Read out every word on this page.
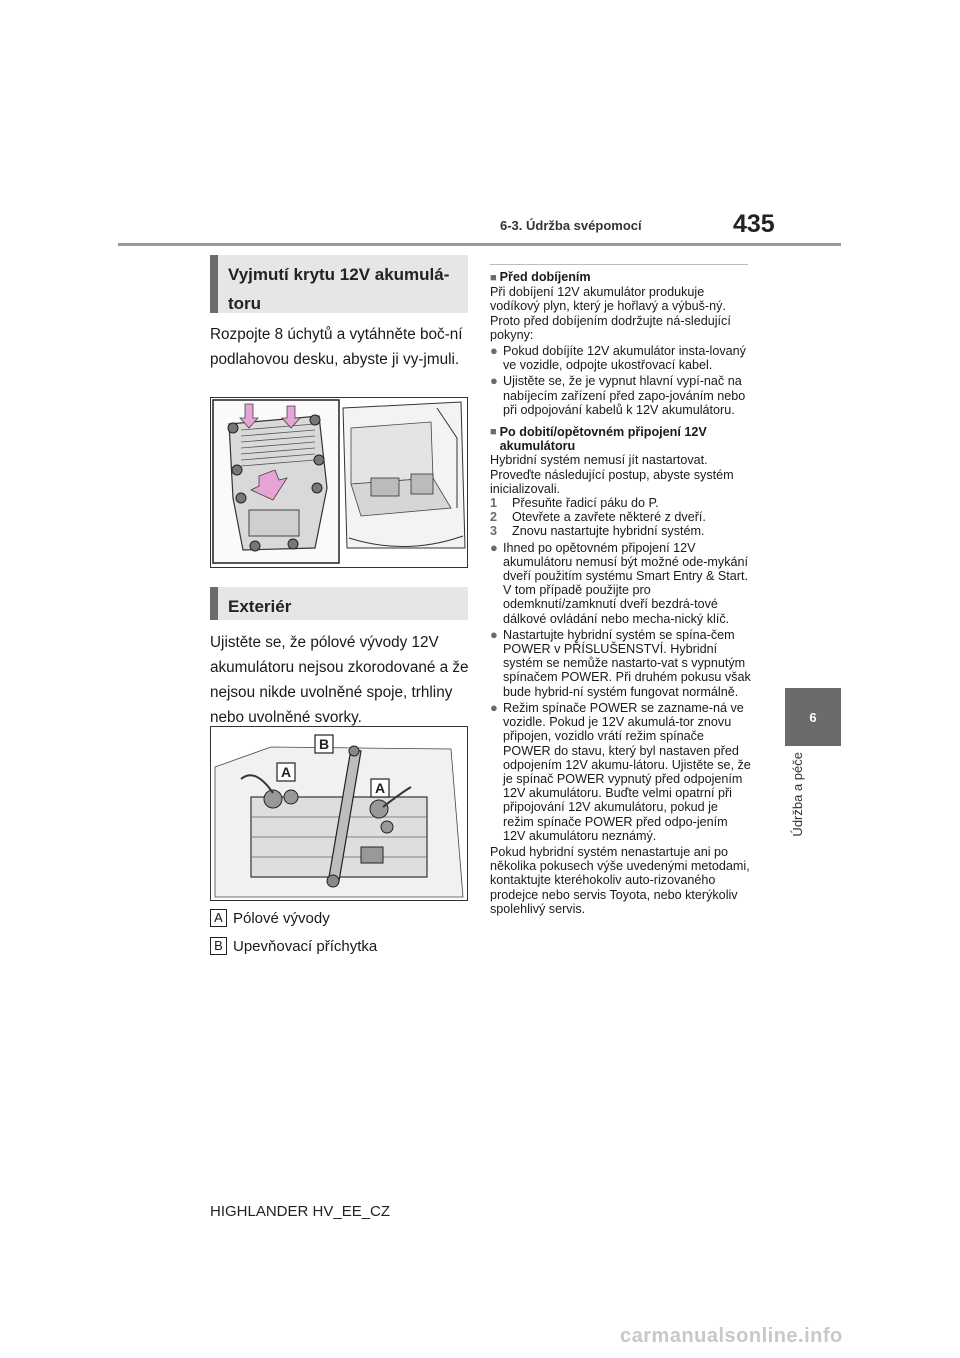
6-3. Údržba svépomocí	435
6
Údržba a péče
Vyjmutí krytu 12V akumulá-toru
Rozpojte 8 úchytů a vytáhněte boč-ní podlahovou desku, abyste ji vy-jmuli.
Exteriér
Ujistěte se, že pólové vývody 12V akumulátoru nejsou zkorodované a že nejsou nikde uvolněné spoje, trhliny nebo uvolněné svorky.
B
A
A
A Pólové vývody
B Upevňovací příchytka

■ Před dobíjením

Při dobíjení 12V akumulátor produkuje vodíkový plyn, který je hořlavý a výbuš-ný. Proto před dobíjením dodržujte ná-sledující pokyny:

● Pokud dobíjíte 12V akumulátor insta-lovaný ve vozidle, odpojte ukostřovací kabel.
● Ujistěte se, že je vypnut hlavní vypí-nač na nabíjecím zařízení před zapo-jováním nebo při odpojování kabelů k 12V akumulátoru.

■ Po dobití/opětovném připojení 12V akumulátoru

Hybridní systém nemusí jít nastartovat. Proveďte následující postup, abyste systém inicializovali.

1	Přesuňte řadicí páku do P.
2	Otevřete a zavřete některé z dveří.
3	Znovu nastartujte hybridní systém.
● Ihned po opětovném připojení 12V akumulátoru nemusí být možné ode-mykání dveří použitím systému Smart Entry & Start. V tom případě použijte pro odemknutí/zamknutí dveří bezdrá-tové dálkové ovládání nebo mecha-nický klíč.
● Nastartujte hybridní systém se spína-čem POWER v PŘÍSLUŠENSTVÍ. Hybridní systém se nemůže nastarto-vat s vypnutým spínačem POWER. Při druhém pokusu však bude hybrid-ní systém fungovat normálně.
● Režim spínače POWER se zazname-ná ve vozidle. Pokud je 12V akumulá-tor znovu připojen, vozidlo vrátí režim spínače POWER do stavu, který byl nastaven před odpojením 12V akumu-látoru. Ujistěte se, že je spínač POWER vypnutý před odpojením 12V akumulátoru. Buďte velmi opatrní při připojování 12V akumulátoru, pokud je režim spínače POWER před odpo-jením 12V akumulátoru neznámý.

Pokud hybridní systém nenastartuje ani po několika pokusech výše uvedenými metodami, kontaktujte kteréhokoliv auto-rizovaného prodejce nebo servis Toyota, nebo kterýkoliv spolehlivý servis.

HIGHLANDER HV_EE_CZ
carmanualsonline.info
